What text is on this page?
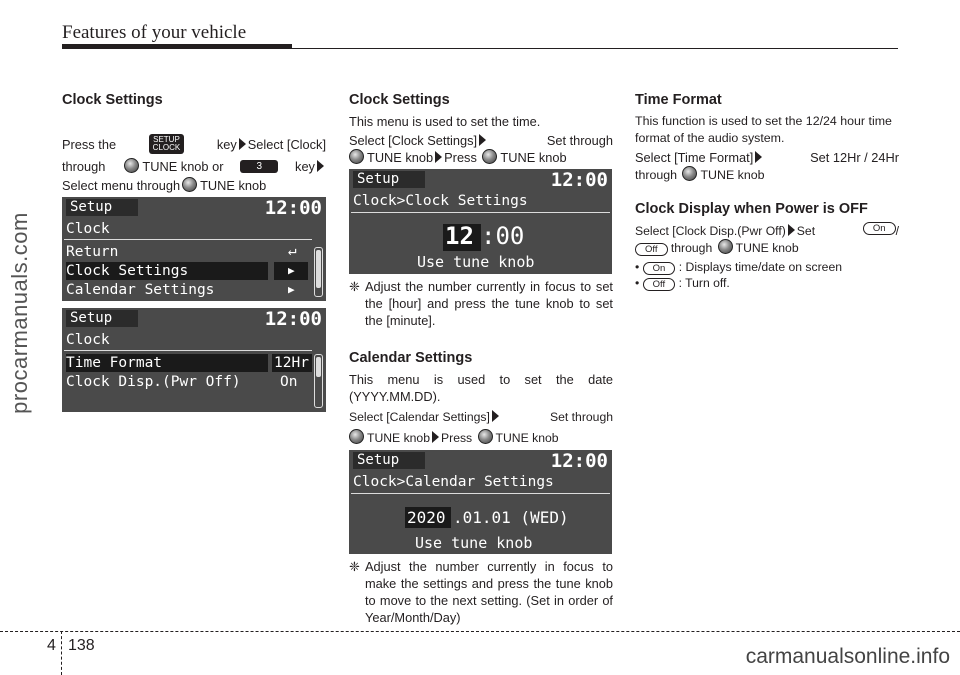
Features of your vehicle
procarmanuals.com
Clock Settings
Press the	SETUP
CLOCK	key Select [Clock]
through	TUNE knob or	3	key
Select menu through TUNE knob
Setup	12:00
Clock
Return	↵
Clock Settings	▶
Calendar Settings	▶
Setup	12:00
Clock
Time Format	12Hr
Clock Disp.(Pwr Off)	On
Clock Settings
This menu is used to set the time.
Select [Clock Settings]	Set through
TUNE knob Press TUNE knob
Setup	12:00
Clock>Clock Settings
12 :00
Use tune knob
❈ Adjust the number currently in focus to set the [hour] and press the tune knob to set the [minute].
Calendar Settings
This menu is used to set the date (YYYY.MM.DD).
Select [Calendar Settings]	Set through
TUNE knob Press TUNE knob
Setup	12:00
Clock>Calendar Settings
2020 .01.01 (WED)
Use tune knob
❈ Adjust the number currently in focus to make the settings and press the tune knob to move to the next setting. (Set in order of Year/Month/Day)
Time Format
This function is used to set the 12/24 hour time format of the audio system.
Select [Time Format]	Set 12Hr / 24Hr
through TUNE knob
Clock Display when Power is OFF
Select [Clock Disp.(Pwr Off) Set	On /
Off through TUNE knob
• On : Displays time/date on screen
• Off : Turn off.
4 138	carmanualsonline.info
